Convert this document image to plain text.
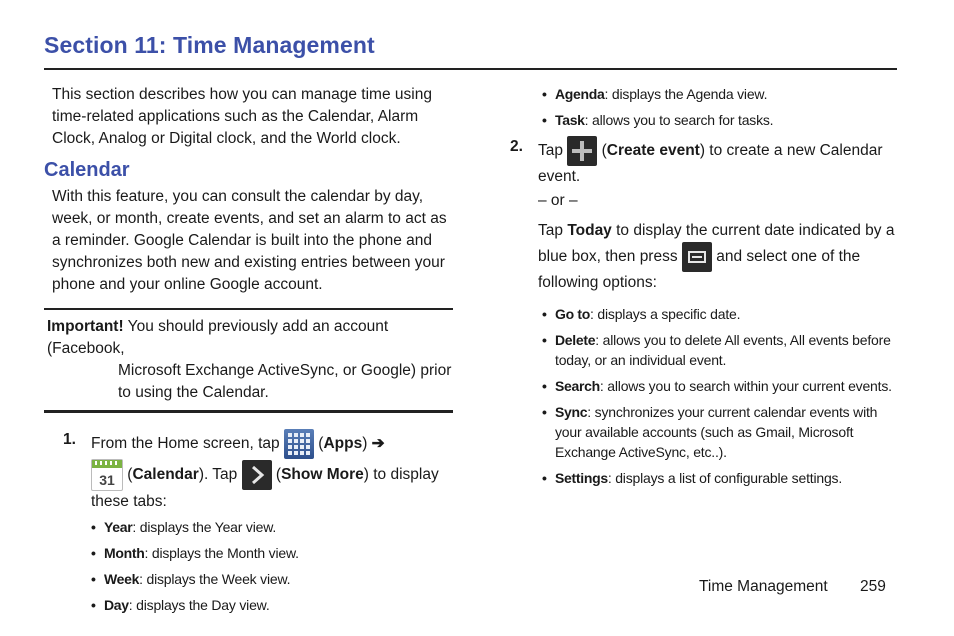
Section 11: Time Management

This section describes how you can manage time using time-related applications such as the Calendar, Alarm Clock, Analog or Digital clock, and the World clock.

Calendar

With this feature, you can consult the calendar by day, week, or month, create events, and set an alarm to act as a reminder. Google Calendar is built into the phone and synchronizes both new and existing entries between your phone and your online Google account.

Important! You should previously add an account (Facebook,
Microsoft Exchange ActiveSync, or Google) prior to using the Calendar.
1. From the Home screen, tap
(Apps) ➔

31 (Calendar). Tap
(Show More) to display these tabs:
• Year: displays the Year view.
• Month: displays the Month view.
• Week: displays the Week view.
• Day: displays the Day view.
• Agenda: displays the Agenda view.
• Task: allows you to search for tasks.
2. Tap
(Create event) to create a new Calendar event.
– or –
Tap Today to display the current date indicated by a blue box, then press and select one of the following options:
• Go to: displays a specific date.
• Delete: allows you to delete All events, All events before today, or an individual event.
• Search: allows you to search within your current events.
• Sync: synchronizes your current calendar events with your available accounts (such as Gmail, Microsoft Exchange ActiveSync, etc..).
• Settings: displays a list of configurable settings.
Time Management 259
